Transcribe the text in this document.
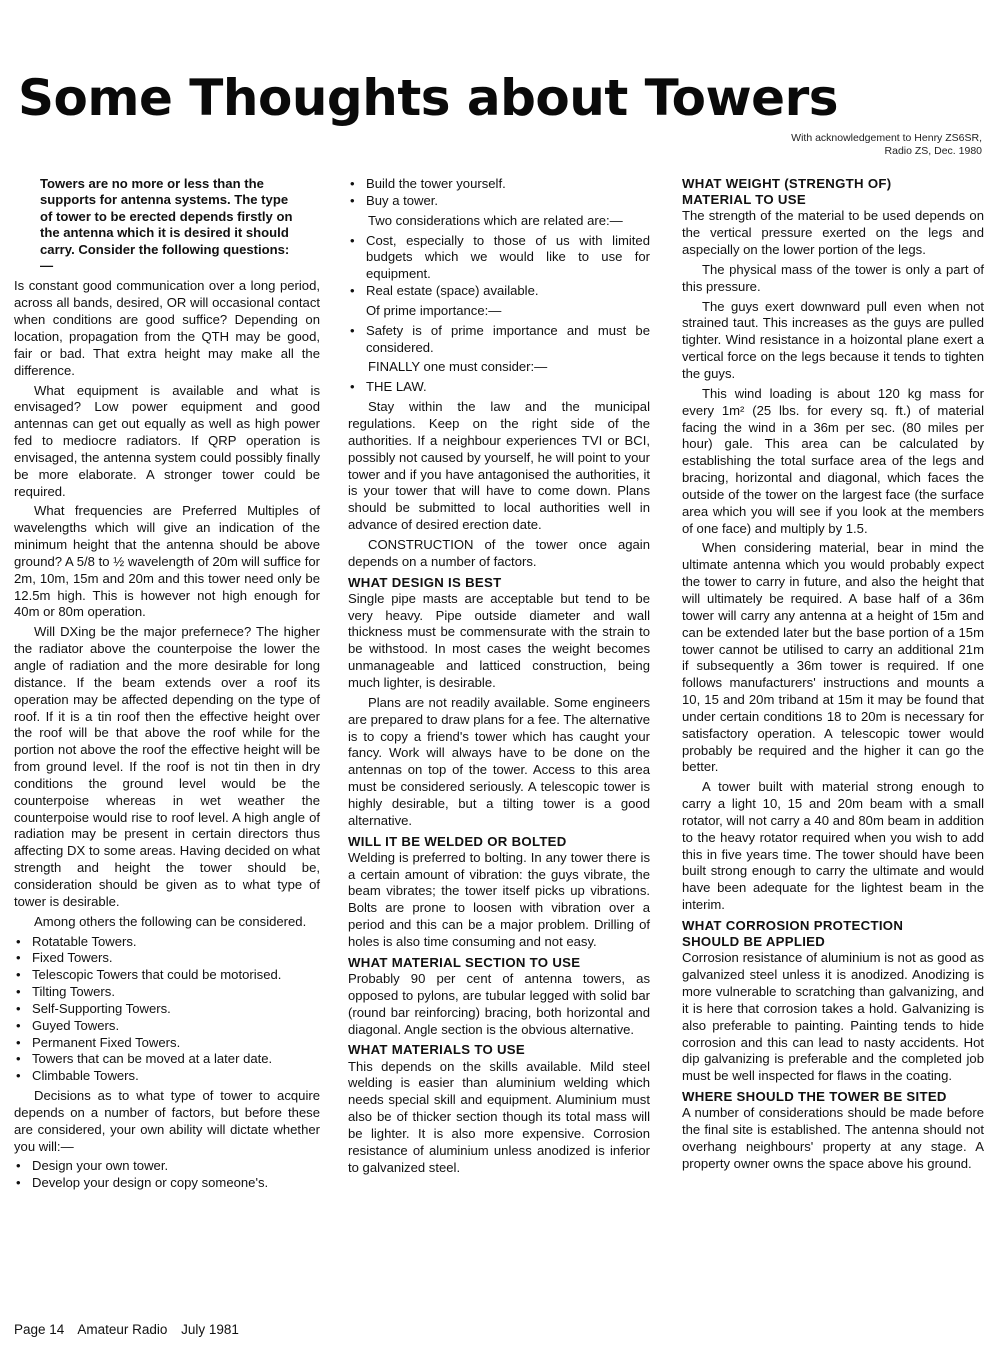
Some Thoughts about Towers
With acknowledgement to Henry ZS6SR,
Radio ZS, Dec. 1980

Towers are no more or less than the supports for antenna systems. The type of tower to be erected depends firstly on the antenna which it is desired it should carry. Consider the following questions:—

Is constant good communication over a long period, across all bands, desired, OR will occasional contact when conditions are good suffice? Depending on location, propagation from the QTH may be good, fair or bad. That extra height may make all the difference.

What equipment is available and what is envisaged? Low power equipment and good antennas can get out equally as well as high power fed to mediocre radiators. If QRP operation is envisaged, the antenna system could possibly finally be more elaborate. A stronger tower could be required.

What frequencies are Preferred Multiples of wavelengths which will give an indication of the minimum height that the antenna should be above ground? A 5/8 to ½ wavelength of 20m will suffice for 2m, 10m, 15m and 20m and this tower need only be 12.5m high. This is however not high enough for 40m or 80m operation.

Will DXing be the major prefernece? The higher the radiator above the counterpoise the lower the angle of radiation and the more desirable for long distance. If the beam extends over a roof its operation may be affected depending on the type of roof. If it is a tin roof then the effective height over the roof will be that above the roof while for the portion not above the roof the effective height will be from ground level. If the roof is not tin then in dry conditions the ground level would be the counterpoise whereas in wet weather the counterpoise would rise to roof level. A high angle of radiation may be present in certain directors thus affecting DX to some areas. Having decided on what strength and height the tower should be, consideration should be given as to what type of tower is desirable.

Among others the following can be considered.

• Rotatable Towers.
• Fixed Towers.
• Telescopic Towers that could be motorised.
• Tilting Towers.
• Self-Supporting Towers.
• Guyed Towers.
• Permanent Fixed Towers.
• Towers that can be moved at a later date.
• Climbable Towers.

Decisions as to what type of tower to acquire depends on a number of factors, but before these are considered, your own ability will dictate whether you will:—

• Design your own tower.
• Develop your design or copy someone's.
• Build the tower yourself.
• Buy a tower.

Two considerations which are related are:—

• Cost, especially to those of us with limited budgets which we would like to use for equipment.
• Real estate (space) available.

Of prime importance:—

• Safety is of prime importance and must be considered.

FINALLY one must consider:—

• THE LAW.

Stay within the law and the municipal regulations. Keep on the right side of the authorities. If a neighbour experiences TVI or BCI, possibly not caused by yourself, he will point to your tower and if you have antagonised the authorities, it is your tower that will have to come down. Plans should be submitted to local authorities well in advance of desired erection date.

CONSTRUCTION of the tower once again depends on a number of factors.

WHAT DESIGN IS BEST

Single pipe masts are acceptable but tend to be very heavy. Pipe outside diameter and wall thickness must be commensurate with the strain to be withstood. In most cases the weight becomes unmanageable and latticed construction, being much lighter, is desirable.

Plans are not readily available. Some engineers are prepared to draw plans for a fee. The alternative is to copy a friend's tower which has caught your fancy. Work will always have to be done on the antennas on top of the tower. Access to this area must be considered seriously. A telescopic tower is highly desirable, but a tilting tower is a good alternative.

WILL IT BE WELDED OR BOLTED

Welding is preferred to bolting. In any tower there is a certain amount of vibration: the guys vibrate, the beam vibrates; the tower itself picks up vibrations. Bolts are prone to loosen with vibration over a period and this can be a major problem. Drilling of holes is also time consuming and not easy.

WHAT MATERIAL SECTION TO USE

Probably 90 per cent of antenna towers, as opposed to pylons, are tubular legged with solid bar (round bar reinforcing) bracing, both horizontal and diagonal. Angle section is the obvious alternative.

WHAT MATERIALS TO USE

This depends on the skills available. Mild steel welding is easier than aluminium welding which needs special skill and equipment. Aluminium must also be of thicker section though its total mass will be lighter. It is also more expensive. Corrosion resistance of aluminium unless anodized is inferior to galvanized steel.

WHAT WEIGHT (STRENGTH OF) MATERIAL TO USE

The strength of the material to be used depends on the vertical pressure exerted on the legs and aspecially on the lower portion of the legs.

The physical mass of the tower is only a part of this pressure.

The guys exert downward pull even when not strained taut. This increases as the guys are pulled tighter. Wind resistance in a hoizontal plane exert a vertical force on the legs because it tends to tighten the guys.

This wind loading is about 120 kg mass for every 1m² (25 lbs. for every sq. ft.) of material facing the wind in a 36m per sec. (80 miles per hour) gale. This area can be calculated by establishing the total surface area of the legs and bracing, horizontal and diagonal, which faces the outside of the tower on the largest face (the surface area which you will see if you look at the members of one face) and multiply by 1.5.

When considering material, bear in mind the ultimate antenna which you would probably expect the tower to carry in future, and also the height that will ultimately be required. A base half of a 36m tower will carry any antenna at a height of 15m and can be extended later but the base portion of a 15m tower cannot be utilised to carry an additional 21m if subsequently a 36m tower is required. If one follows manufacturers' instructions and mounts a 10, 15 and 20m triband at 15m it may be found that under certain conditions 18 to 20m is necessary for satisfactory operation. A telescopic tower would probably be required and the higher it can go the better.

A tower built with material strong enough to carry a light 10, 15 and 20m beam with a small rotator, will not carry a 40 and 80m beam in addition to the heavy rotator required when you wish to add this in five years time. The tower should have been built strong enough to carry the ultimate and would have been adequate for the lightest beam in the interim.

WHAT CORROSION PROTECTION SHOULD BE APPLIED

Corrosion resistance of aluminium is not as good as galvanized steel unless it is anodized. Anodizing is more vulnerable to scratching than galvanizing, and it is here that corrosion takes a hold. Galvanizing is also preferable to painting. Painting tends to hide corrosion and this can lead to nasty accidents. Hot dip galvanizing is preferable and the completed job must be well inspected for flaws in the coating.

WHERE SHOULD THE TOWER BE SITED

A number of considerations should be made before the final site is established. The antenna should not overhang neighbours' property at any stage. A property owner owns the space above his ground.

Page 14 Amateur Radio July 1981
